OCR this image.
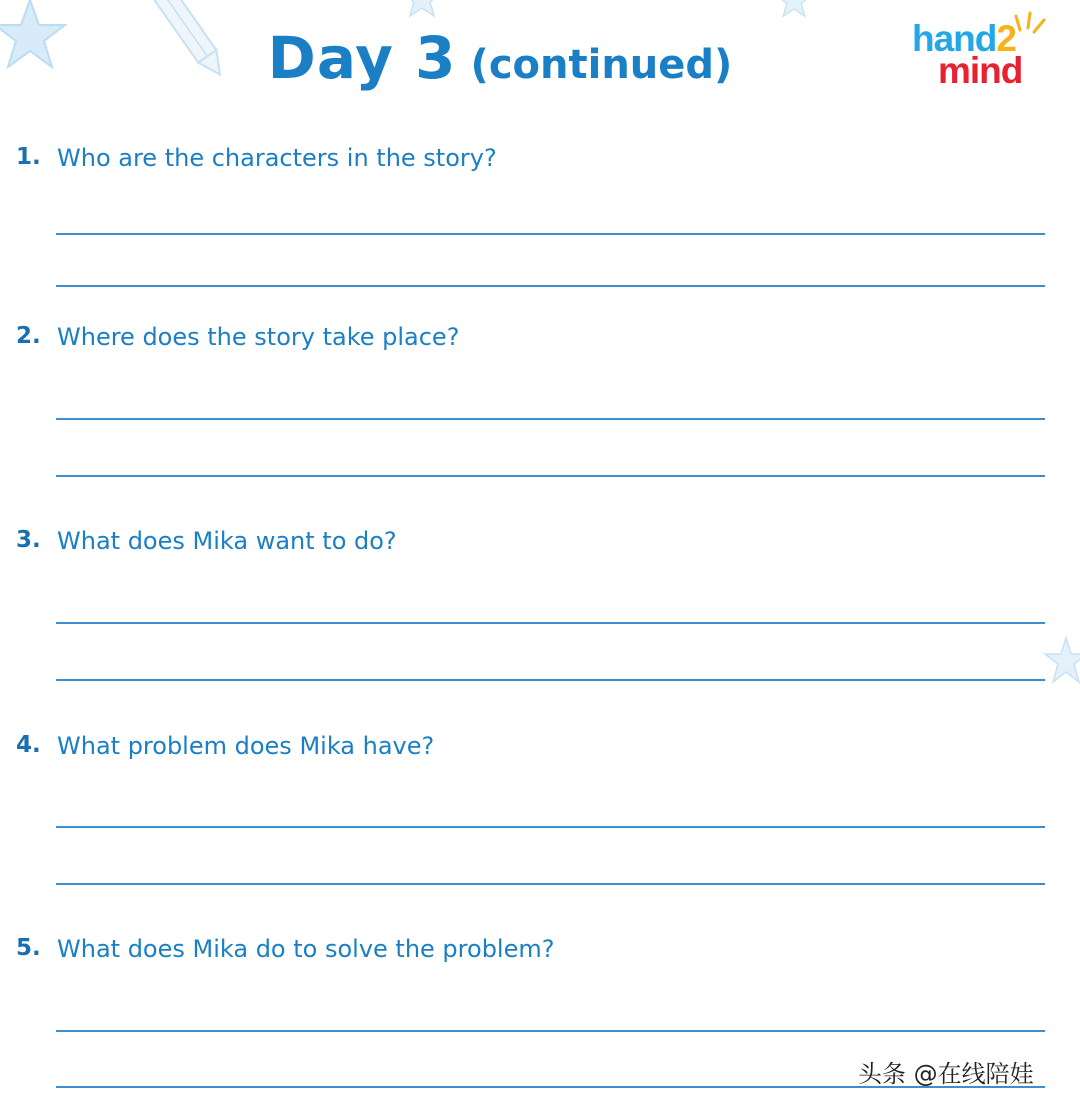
Day 3 (continued)
hand2
mind
1. Who are the characters in the story?
2. Where does the story take place?
3. What does Mika want to do?
4. What problem does Mika have?
5. What does Mika do to solve the problem?
头条 @在线陪娃
